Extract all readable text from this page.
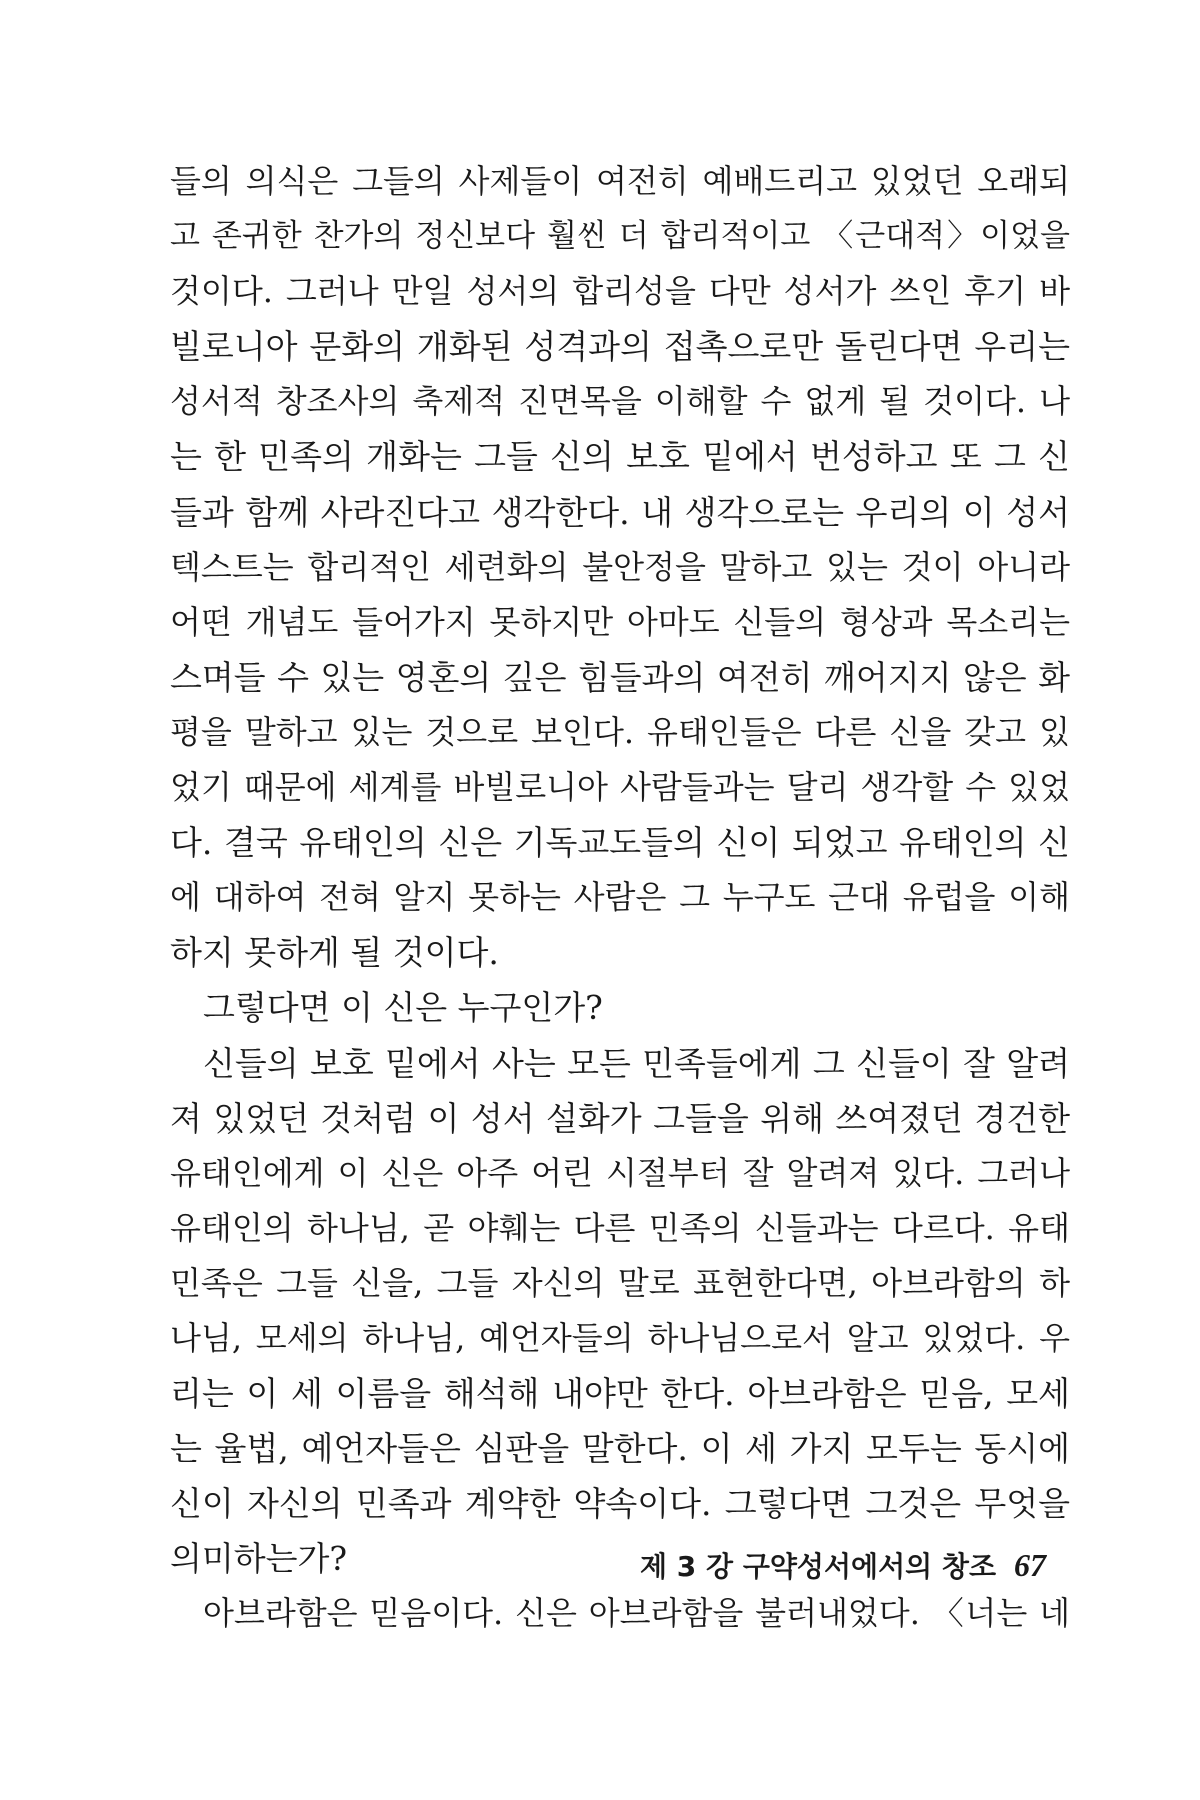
들의 의식은 그들의 사제들이 여전히 예배드리고 있었던 오래되
고 존귀한 찬가의 정신보다 훨씬 더 합리적이고 〈근대적〉이었을
것이다. 그러나 만일 성서의 합리성을 다만 성서가 쓰인 후기 바
빌로니아 문화의 개화된 성격과의 접촉으로만 돌린다면 우리는
성서적 창조사의 축제적 진면목을 이해할 수 없게 될 것이다. 나
는 한 민족의 개화는 그들 신의 보호 밑에서 번성하고 또 그 신
들과 함께 사라진다고 생각한다. 내 생각으로는 우리의 이 성서
텍스트는 합리적인 세련화의 불안정을 말하고 있는 것이 아니라
어떤 개념도 들어가지 못하지만 아마도 신들의 형상과 목소리는
스며들 수 있는 영혼의 깊은 힘들과의 여전히 깨어지지 않은 화
평을 말하고 있는 것으로 보인다. 유태인들은 다른 신을 갖고 있
었기 때문에 세계를 바빌로니아 사람들과는 달리 생각할 수 있었
다. 결국 유태인의 신은 기독교도들의 신이 되었고 유태인의 신
에 대하여 전혀 알지 못하는 사람은 그 누구도 근대 유럽을 이해
하지 못하게 될 것이다.
그렇다면 이 신은 누구인가?
신들의 보호 밑에서 사는 모든 민족들에게 그 신들이 잘 알려
져 있었던 것처럼 이 성서 설화가 그들을 위해 쓰여졌던 경건한
유태인에게 이 신은 아주 어린 시절부터 잘 알려져 있다. 그러나
유태인의 하나님, 곧 야훼는 다른 민족의 신들과는 다르다. 유태
민족은 그들 신을, 그들 자신의 말로 표현한다면, 아브라함의 하
나님, 모세의 하나님, 예언자들의 하나님으로서 알고 있었다. 우
리는 이 세 이름을 해석해 내야만 한다. 아브라함은 믿음, 모세
는 율법, 예언자들은 심판을 말한다. 이 세 가지 모두는 동시에
신이 자신의 민족과 계약한 약속이다. 그렇다면 그것은 무엇을
의미하는가?
아브라함은 믿음이다. 신은 아브라함을 불러내었다. 〈너는 네
제 3 강 구약성서에서의 창조 67
